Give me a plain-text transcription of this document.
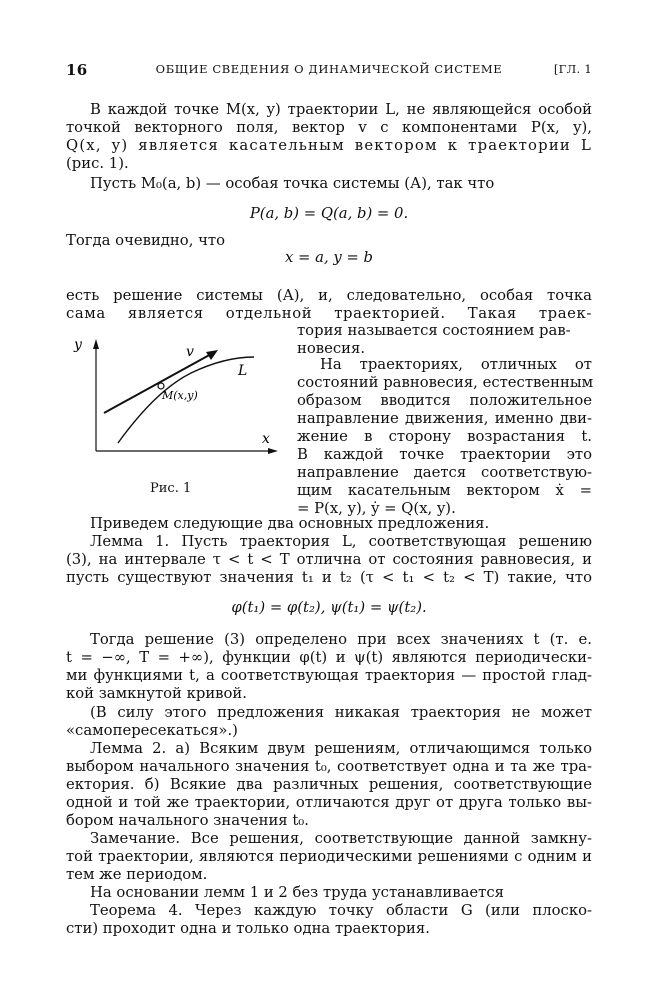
16	ОБЩИЕ СВЕДЕНИЯ О ДИНАМИЧЕСКОЙ СИСТЕМЕ	[ГЛ. 1
В каждой точке M(x, y) траектории L, не являющейся особой
точкой векторного поля, вектор v с компонентами P(x, y),
Q(x, y) является касательным вектором к траектории L
(рис. 1).
Пусть M₀(a, b) — особая точка системы (А), так что
P(a, b) = Q(a, b) = 0.
Тогда очевидно, что
x = a, y = b
есть решение системы (А), и, следовательно, особая точка
сама является отдельной траекторией. Такая траек-
тория называется состоянием рав-
новесия.
На траекториях, отличных от
состояний равновесия, естественным
образом вводится положительное
направление движения, именно дви-
жение в сторону возрастания t.
В каждой точке траектории это
направление дается соответствую-
щим касательным вектором ẋ =
= P(x, y), ẏ = Q(x, y).
y
x
v
L
M(x,y)
Рис. 1
Приведем следующие два основных предложения.
Лемма 1. Пусть траектория L, соответствующая решению
(3), на интервале τ < t < T отлична от состояния равновесия, и
пусть существуют значения t₁ и t₂ (τ < t₁ < t₂ < T) такие, что
φ(t₁) = φ(t₂), ψ(t₁) = ψ(t₂).
Тогда решение (3) определено при всех значениях t (т. е.
t = −∞, T = +∞), функции φ(t) и ψ(t) являются периодически-
ми функциями t, а соответствующая траектория — простой глад-
кой замкнутой кривой.
(В силу этого предложения никакая траектория не может
«самопересекаться».)
Лемма 2. а) Всяким двум решениям, отличающимся только
выбором начального значения t₀, соответствует одна и та же тра-
ектория. б) Всякие два различных решения, соответствующие
одной и той же траектории, отличаются друг от друга только вы-
бором начального значения t₀.
Замечание. Все решения, соответствующие данной замкну-
той траектории, являются периодическими решениями с одним и
тем же периодом.
На основании лемм 1 и 2 без труда устанавливается
Теорема 4. Через каждую точку области G (или плоско-
сти) проходит одна и только одна траектория.
